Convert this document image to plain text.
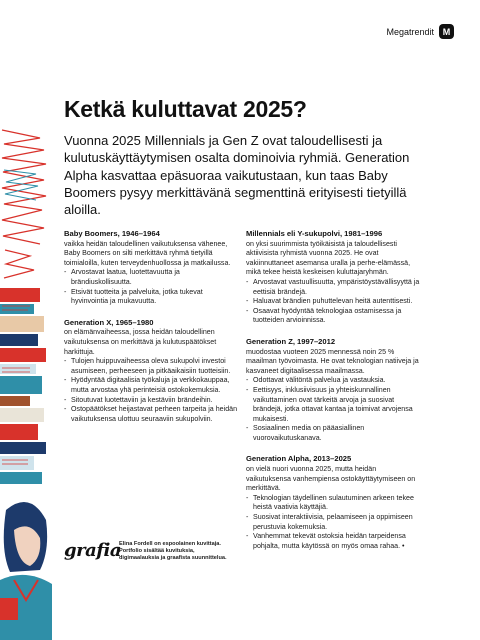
Megatrendit M
Ketkä kuluttavat 2025?

Vuonna 2025 Millennials ja Gen Z ovat taloudellisesti ja kulutuskäyttäytymisen osalta dominoivia ryhmiä. Generation Alpha kasvattaa epäsuoraa vaikutustaan, kun taas Baby Boomers pysyy merkittävänä segmenttinä erityisesti tietyillä aloilla.

Baby Boomers, 1946–1964

vaikka heidän taloudellinen vaikutuksensa vähenee, Baby Boomers on silti merkittävä ryhmä tietyillä toimialoilla, kuten terveydenhuollossa ja matkailussa.

- Arvostavat laatua, luotettavuutta ja brändiuskollisuutta.
- Etsivät tuotteita ja palveluita, jotka tukevat hyvinvointia ja mukavuutta.
Generation X, 1965–1980

on elämänvaiheessa, jossa heidän taloudellinen vaikutuksensa on merkittävä ja kulutuspäätökset harkittuja.

- Tulojen huippuvaiheessa oleva sukupolvi investoi asumiseen, perheeseen ja pitkäaikaisiin tuotteisiin.
- Hyödyntää digitaalisia työkaluja ja verkkokauppaa, mutta arvostaa yhä perinteisiä ostokokemuksia.
- Sitoutuvat luotettaviin ja kestäviin brändeihin.
- Ostopäätökset heijastavat perheen tarpeita ja heidän vaikutuksensa ulottuu seuraaviin sukupolviin.
Millennials eli Y-sukupolvi, 1981–1996

on yksi suurimmista työikäisistä ja taloudellisesti aktiivisista ryhmistä vuonna 2025. He ovat vakiinnuttaneet asemansa uralla ja perhe-elämässä, mikä tekee heistä keskeisen kuluttajaryhmän.

- Arvostavat vastuullisuutta, ympäristöystävällisyyttä ja eettisiä brändejä.
- Haluavat brändien puhuttelevan heitä autenttisesti.
- Osaavat hyödyntää teknologiaa ostamisessa ja tuotteiden arvioinnissa.
Generation Z, 1997–2012

muodostaa vuoteen 2025 mennessä noin 25 % maailman työvoimasta. He ovat teknologian natiiveja ja kasvaneet digitaalisessa maailmassa.

- Odottavat välitöntä palvelua ja vastauksia.
- Eettisyys, inklusiivisuus ja yhteiskunnallinen vaikuttaminen ovat tärkeitä arvoja ja suosivat brändejä, jotka ottavat kantaa ja toimivat arvojensa mukaisesti.
- Sosiaalinen media on pääasiallinen vuorovaikutuskanava.
Generation Alpha, 2013–2025

on vielä nuori vuonna 2025, mutta heidän vaikutuksensa vanhempiensa ostokäyttäytymiseen on merkittävä.

- Teknologian täydellinen sulautuminen arkeen tekee heistä vaativia käyttäjiä.
- Suosivat interaktiivisia, pelaamiseen ja oppimiseen perustuvia kokemuksia.
- Vanhemmat tekevät ostoksia heidän tarpeidensa pohjalta, mutta käytössä on myös omaa rahaa. •
grafia

Elina Fordell on espoolainen kuvittaja. Portfolio sisältää kuvituksia, digimaalauksia ja graafista suunnittelua.
